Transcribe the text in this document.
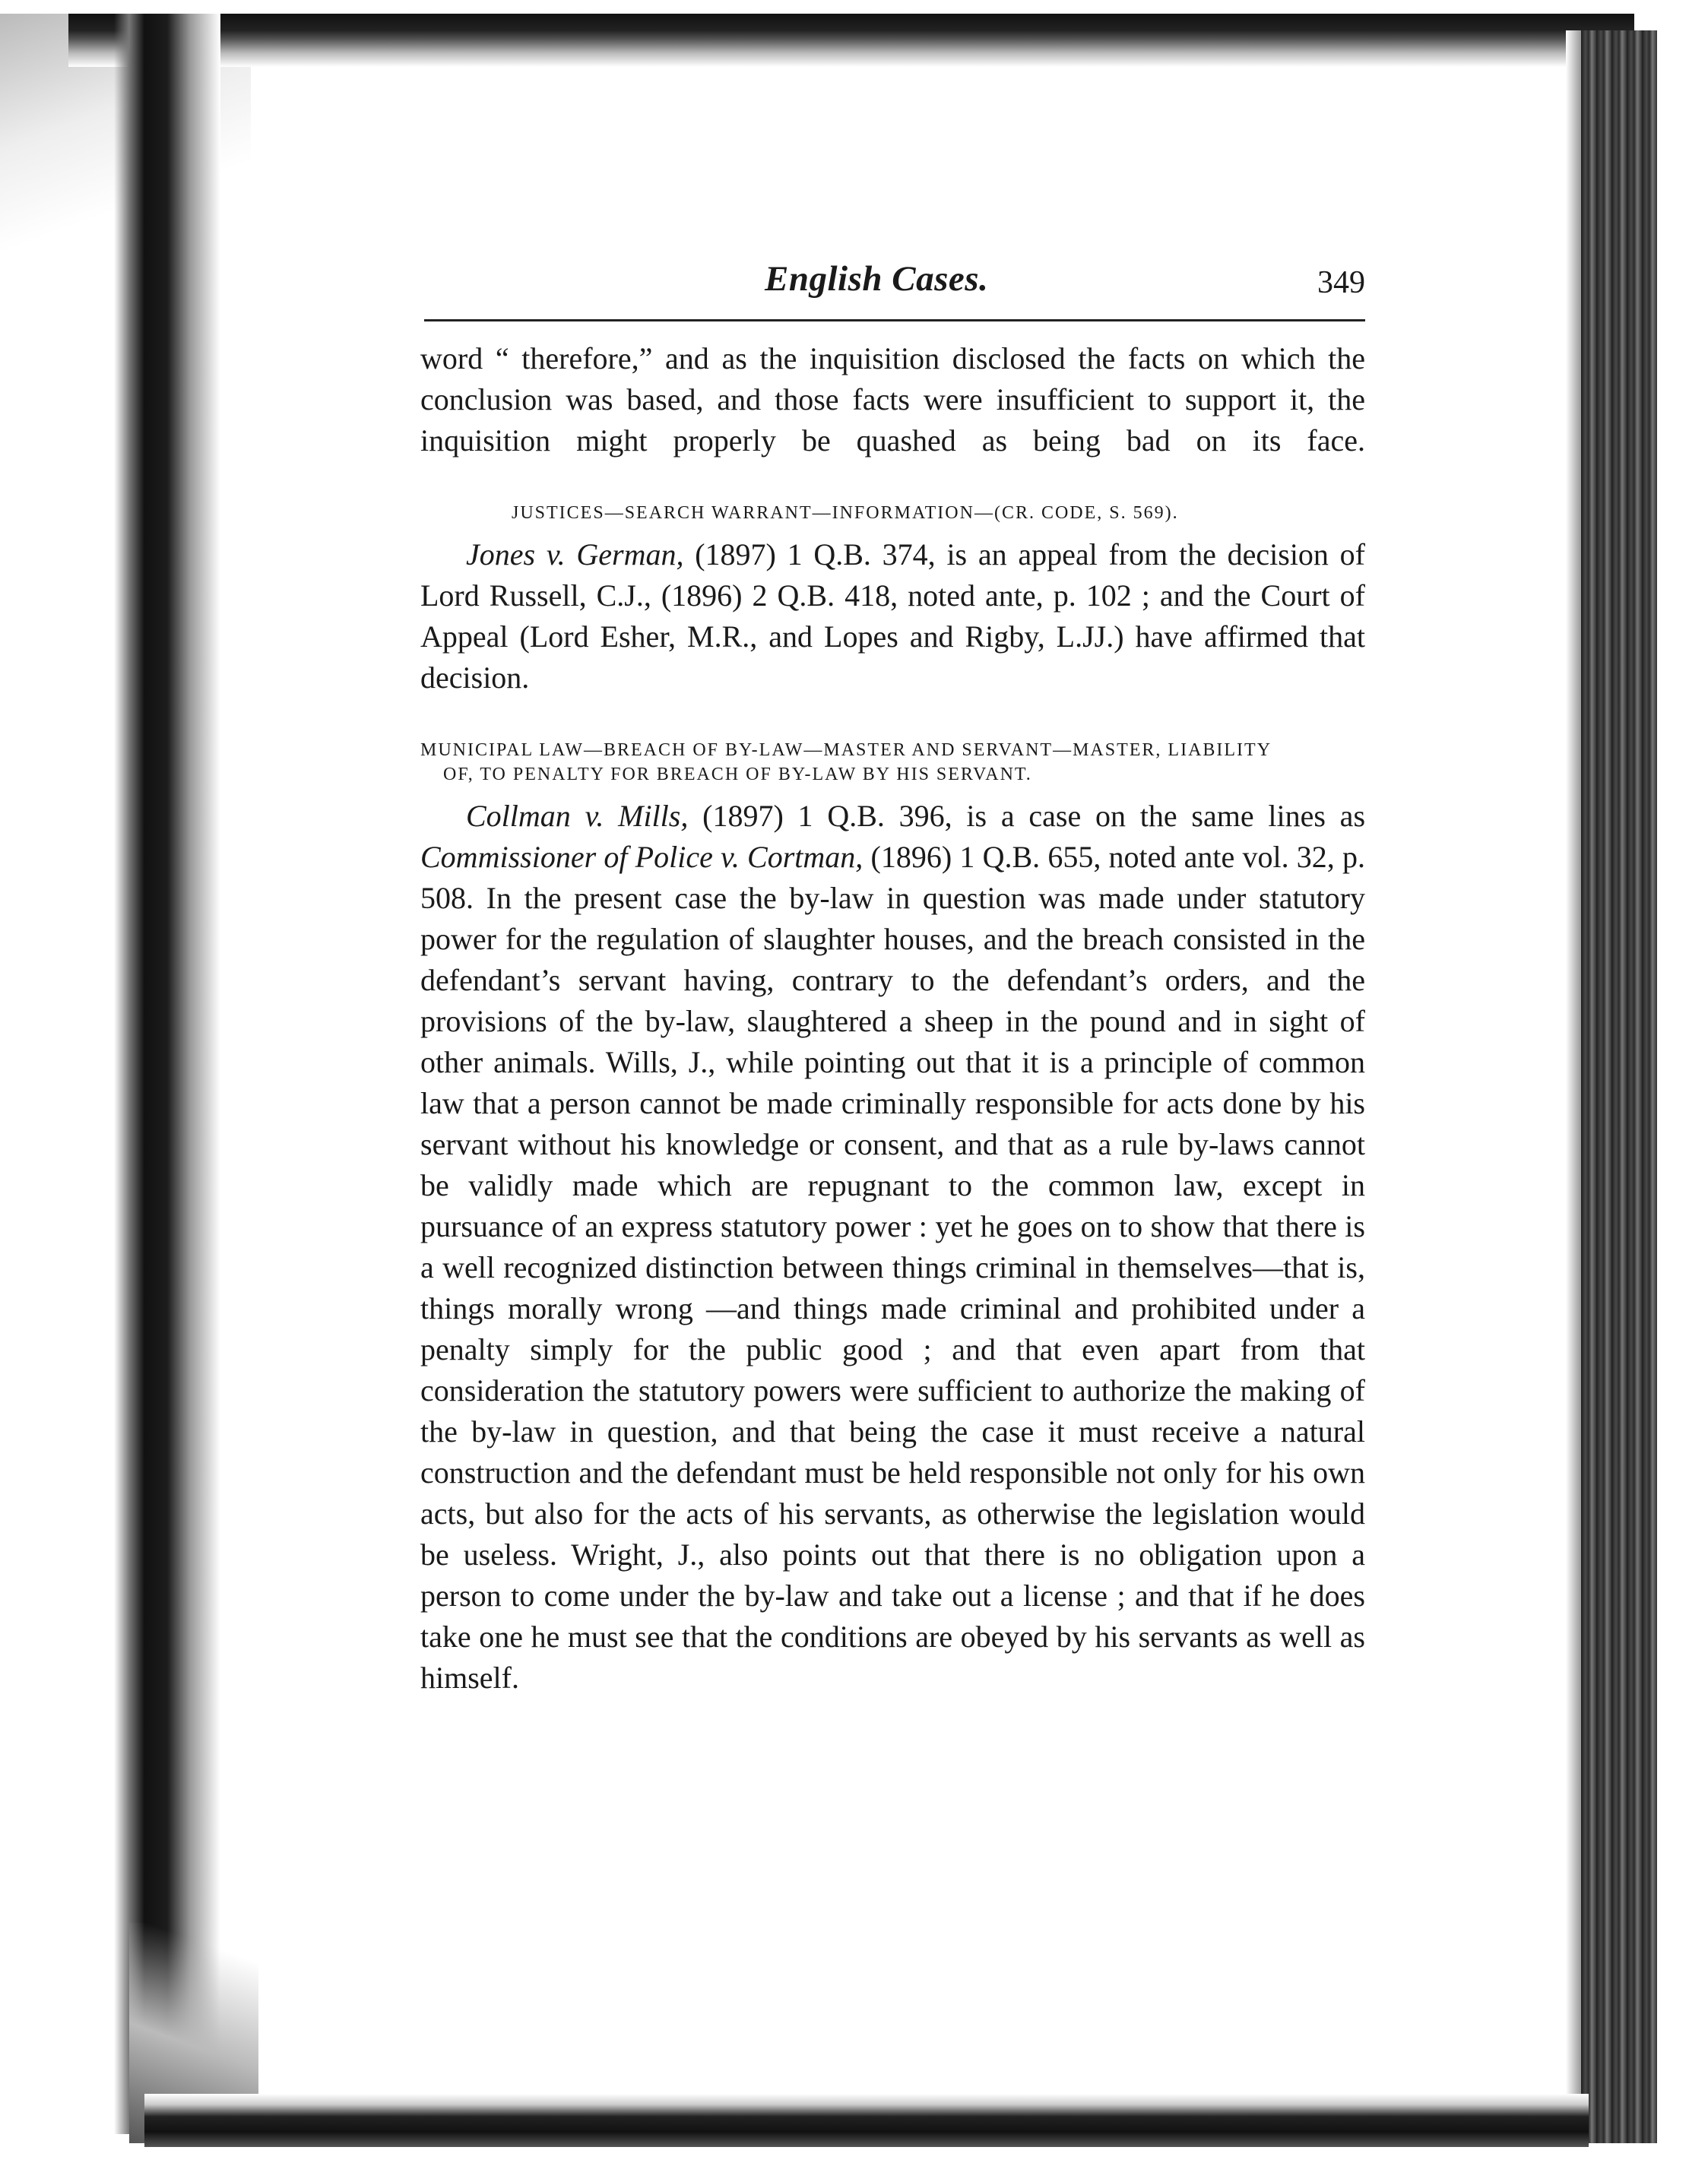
English Cases.	349

word “ therefore,” and as the inquisition disclosed the facts on which the conclusion was based, and those facts were insufficient to support it, the inquisition might properly be quashed as being bad on its face.

JUSTICES—SEARCH WARRANT—INFORMATION—(CR. CODE, S. 569).

Jones v. German, (1897) 1 Q.B. 374, is an appeal from the decision of Lord Russell, C.J., (1896) 2 Q.B. 418, noted ante, p. 102 ; and the Court of Appeal (Lord Esher, M.R., and Lopes and Rigby, L.JJ.) have affirmed that decision.

MUNICIPAL LAW—BREACH OF BY-LAW—MASTER AND SERVANT—MASTER, LIABILITY
OF, TO PENALTY FOR BREACH OF BY-LAW BY HIS SERVANT.

Collman v. Mills, (1897) 1 Q.B. 396, is a case on the same lines as Commissioner of Police v. Cortman, (1896) 1 Q.B. 655, noted ante vol. 32, p. 508. In the present case the by-law in question was made under statutory power for the regulation of slaughter houses, and the breach consisted in the defendant’s servant having, contrary to the defendant’s orders, and the provisions of the by-law, slaughtered a sheep in the pound and in sight of other animals. Wills, J., while pointing out that it is a principle of common law that a person cannot be made criminally responsible for acts done by his servant without his knowledge or consent, and that as a rule by-laws cannot be validly made which are repugnant to the common law, except in pursuance of an express statutory power : yet he goes on to show that there is a well recognized distinction between things criminal in themselves—that is, things morally wrong —and things made criminal and prohibited under a penalty simply for the public good ; and that even apart from that consideration the statutory powers were sufficient to authorize the making of the by-law in question, and that being the case it must receive a natural construction and the defendant must be held responsible not only for his own acts, but also for the acts of his servants, as otherwise the legislation would be useless. Wright, J., also points out that there is no obligation upon a person to come under the by-law and take out a license ; and that if he does take one he must see that the conditions are obeyed by his servants as well as himself.
